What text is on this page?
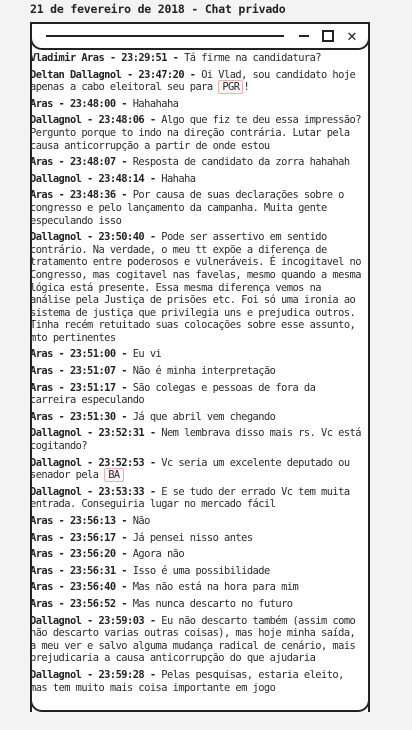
21 de fevereiro de 2018 - Chat privado
✕
Vladimir Aras - 23:29:51 - Tá firme na candidatura?
Deltan Dallagnol - 23:47:20 - Oi Vlad, sou candidato hoje apenas a cabo eleitoral seu para PGR !
Aras - 23:48:00 - Hahahaha
Dallagnol - 23:48:06 - Algo que fiz te deu essa impressão? Pergunto porque to indo na direção contrária. Lutar pela causa anticorrupção a partir de onde estou
Aras - 23:48:07 - Resposta de candidato da zorra hahahah
Dallagnol - 23:48:14 - Hahaha
Aras - 23:48:36 - Por causa de suas declarações sobre o congresso e pelo lançamento da campanha. Muita gente especulando isso
Dallagnol - 23:50:40 - Pode ser assertivo em sentido contrário. Na verdade, o meu tt expõe a diferença de tratamento entre poderosos e vulneráveis. É incogitavel no Congresso, mas cogitavel nas favelas, mesmo quando a mesma lógica está presente. Essa mesma diferença vemos na análise pela Justiça de prisões etc. Foi só uma ironia ao sistema de justiça que privilegia uns e prejudica outros. Tinha recém retuitado suas colocações sobre esse assunto, mto pertinentes
Aras - 23:51:00 - Eu vi
Aras - 23:51:07 - Não é minha interpretação
Aras - 23:51:17 - São colegas e pessoas de fora da carreira especulando
Aras - 23:51:30 - Já que abril vem chegando
Dallagnol - 23:52:31 - Nem lembrava disso mais rs. Vc está cogitando?
Dallagnol - 23:52:53 - Vc seria um excelente deputado ou senador pela BA
Dallagnol - 23:53:33 - E se tudo der errado Vc tem muita entrada. Conseguiria lugar no mercado fácil
Aras - 23:56:13 - Não
Aras - 23:56:17 - Já pensei nisso antes
Aras - 23:56:20 - Agora não
Aras - 23:56:31 - Isso é uma possibilidade
Aras - 23:56:40 - Mas não está na hora para mim
Aras - 23:56:52 - Mas nunca descarto no futuro
Dallagnol - 23:59:03 - Eu não descarto também (assim como não descarto varias outras coisas), mas hoje minha saída, a meu ver e salvo alguma mudança radical de cenário, mais prejudicaria a causa anticorrupção do que ajudaria
Dallagnol - 23:59:28 - Pelas pesquisas, estaria eleito, mas tem muito mais coisa importante em jogo
